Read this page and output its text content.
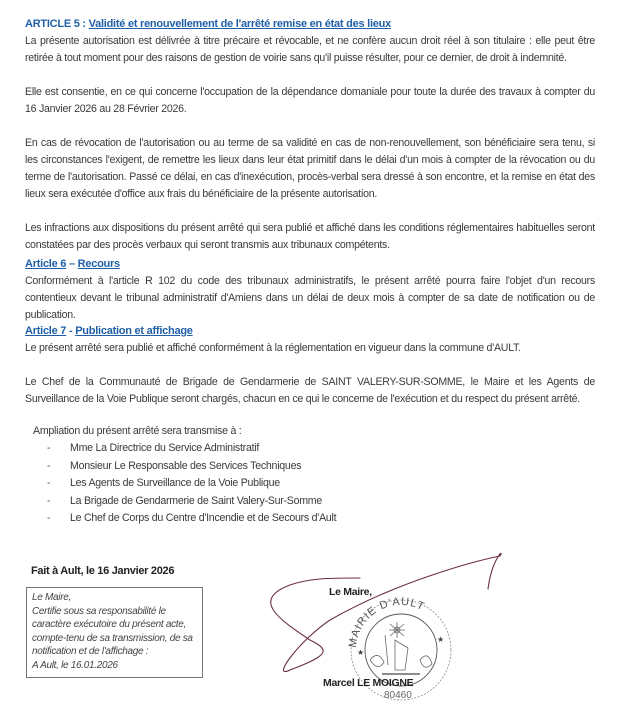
ARTICLE 5 : Validité et renouvellement de l'arrêté remise en état des lieux

La présente autorisation est délivrée à titre précaire et révocable, et ne confère aucun droit réel à son titulaire : elle peut être retirée à tout moment pour des raisons de gestion de voirie sans qu'il puisse résulter, pour ce dernier, de droit à indemnité.

Elle est consentie, en ce qui concerne l'occupation de la dépendance domaniale pour toute la durée des travaux à compter du 16 Janvier 2026 au 28 Février 2026.

En cas de révocation de l'autorisation ou au terme de sa validité en cas de non-renouvellement, son bénéficiaire sera tenu, si les circonstances l'exigent, de remettre les lieux dans leur état primitif dans le délai d'un mois à compter de la révocation ou du terme de l'autorisation. Passé ce délai, en cas d'inexécution, procès-verbal sera dressé à son encontre, et la remise en état des lieux sera exécutée d'office aux frais du bénéficiaire de la présente autorisation.

Les infractions aux dispositions du présent arrêté qui sera publié et affiché dans les conditions réglementaires habituelles seront constatées par des procès verbaux qui seront transmis aux tribunaux compétents.

Article 6 – Recours

Conformément à l'article R 102 du code des tribunaux administratifs, le présent arrêté pourra faire l'objet d'un recours contentieux devant le tribunal administratif d'Amiens dans un délai de deux mois à compter de sa date de notification ou de publication.

Article 7 - Publication et affichage

Le présent arrêté sera publié et affiché conformément à la réglementation en vigueur dans la commune d'AULT.

Le Chef de la Communauté de Brigade de Gendarmerie de SAINT VALERY-SUR-SOMME, le Maire et les Agents de Surveillance de la Voie Publique seront chargés, chacun en ce qui le concerne de l'exécution et du respect du présent arrêté.

Ampliation du présent arrêté sera transmise à :
-	Mme La Directrice du Service Administratif
-	Monsieur Le Responsable des Services Techniques
-	Les Agents de Surveillance de la Voie Publique
-	La Brigade de Gendarmerie de Saint Valery-Sur-Somme
-	Le Chef de Corps du Centre d'Incendie et de Secours d'Ault
Fait à Ault, le 16 Janvier 2026
Le Maire,
Certifie sous sa responsabilité le
caractère exécutoire du présent acte,
compte-tenu de sa transmission, de sa
notification et de l'affichage :
A Ault, le 16.01.2026
MAIRIE D'AULT
80460
★
★
Le Maire,
Marcel LE MOIGNE
